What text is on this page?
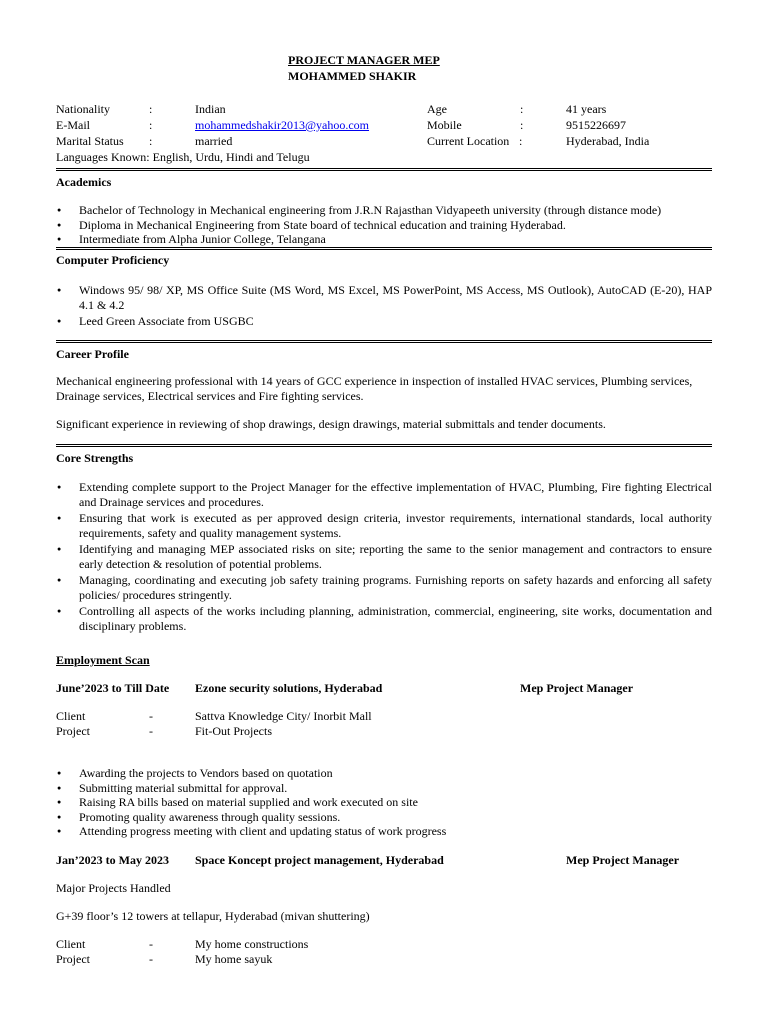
PROJECT MANAGER MEP
MOHAMMED SHAKIR
Nationality	:	Indian	Age	:	41 years
E-Mail	:	mohammedshakir2013@yahoo.com	Mobile	:	9515226697
Marital Status :	married	Current Location :	Hyderabad, India
Languages Known: English, Urdu, Hindi and Telugu
Academics
● Bachelor of Technology in Mechanical engineering from J.R.N Rajasthan Vidyapeeth university (through distance mode)
● Diploma in Mechanical Engineering from State board of technical education and training Hyderabad.
● Intermediate from Alpha Junior College, Telangana
Computer Proficiency
● Windows 95/ 98/ XP, MS Office Suite (MS Word, MS Excel, MS PowerPoint, MS Access, MS Outlook), AutoCAD (E-20), HAP 4.1 & 4.2
● Leed Green Associate from USGBC
Career Profile

Mechanical engineering professional with 14 years of GCC experience in inspection of installed HVAC services, Plumbing services, Drainage services, Electrical services and Fire fighting services.

Significant experience in reviewing of shop drawings, design drawings, material submittals and tender documents.

Core Strengths
● Extending complete support to the Project Manager for the effective implementation of HVAC, Plumbing, Fire fighting Electrical and Drainage services and procedures.
● Ensuring that work is executed as per approved design criteria, investor requirements, international standards, local authority requirements, safety and quality management systems.
● Identifying and managing MEP associated risks on site; reporting the same to the senior management and contractors to ensure early detection & resolution of potential problems.
● Managing, coordinating and executing job safety training programs. Furnishing reports on safety hazards and enforcing all safety policies/ procedures stringently.
● Controlling all aspects of the works including planning, administration, commercial, engineering, site works, documentation and disciplinary problems.
Employment Scan
June’2023 to Till Date Ezone security solutions, Hyderabad	Mep Project Manager
Client	-	Sattva Knowledge City/ Inorbit Mall
Project	-	Fit-Out Projects
● Awarding the projects to Vendors based on quotation
● Submitting material submittal for approval.
● Raising RA bills based on material supplied and work executed on site
● Promoting quality awareness through quality sessions.
● Attending progress meeting with client and updating status of work progress
Jan’2023 to May 2023 Space Koncept project management, Hyderabad	Mep Project Manager

Major Projects Handled

G+39 floor’s 12 towers at tellapur, Hyderabad (mivan shuttering)

Client	-	My home constructions
Project	-	My home sayuk
